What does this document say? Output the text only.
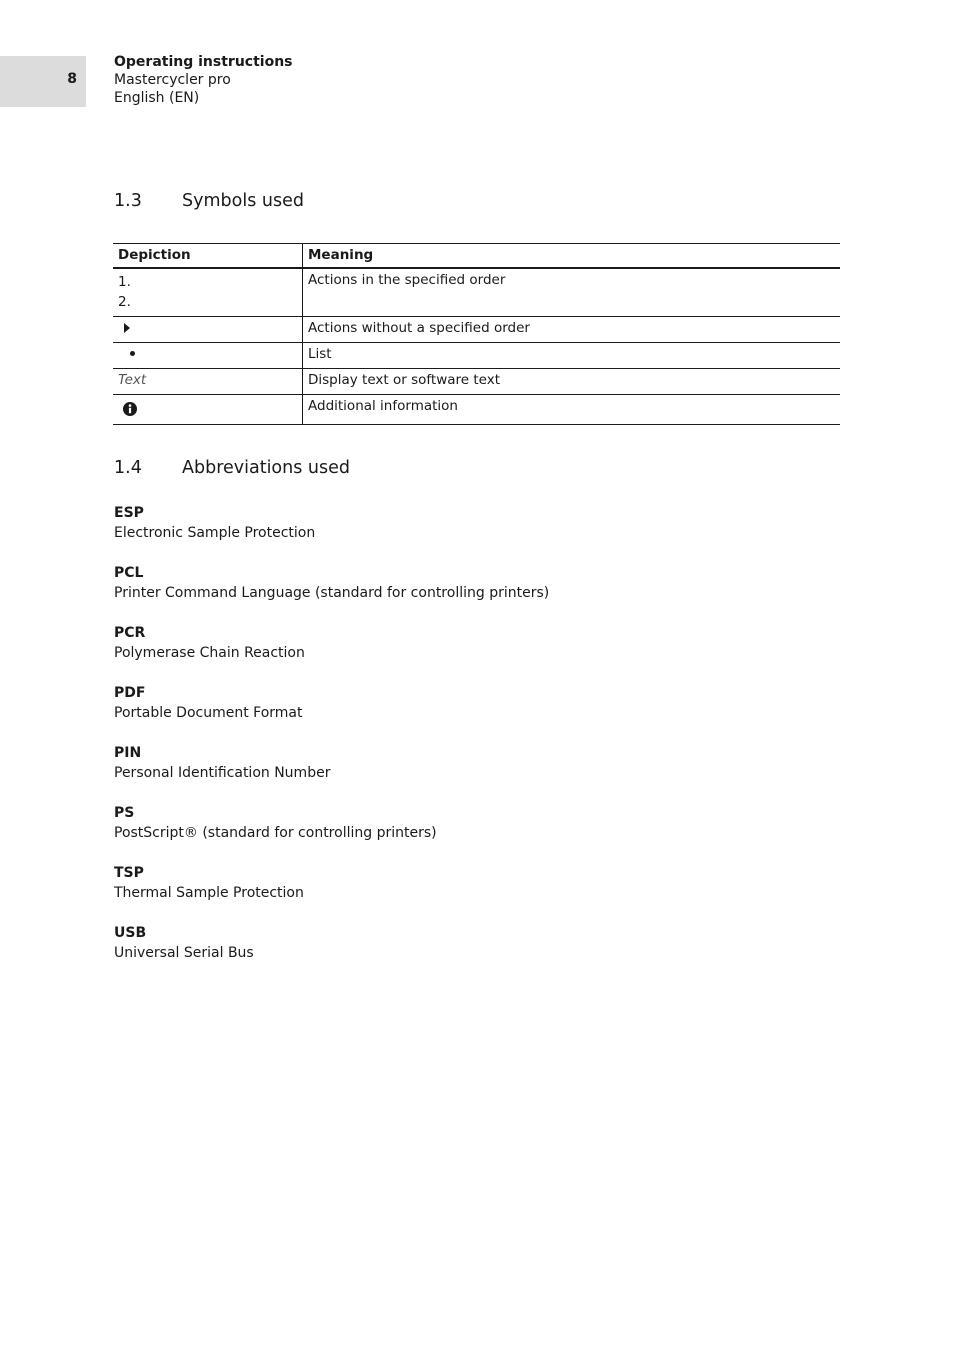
8
Operating instructions
Mastercycler pro
English (EN)
1.3 Symbols used
Depiction	Meaning

1.
2.	Actions in the specified order
	Actions without a specified order
	List
Text	Display text or software text
	Additional information
1.4 Abbreviations used
ESP
Electronic Sample Protection
PCL
Printer Command Language (standard for controlling printers)
PCR
Polymerase Chain Reaction
PDF
Portable Document Format
PIN
Personal Identification Number
PS
PostScript® (standard for controlling printers)
TSP
Thermal Sample Protection
USB
Universal Serial Bus
